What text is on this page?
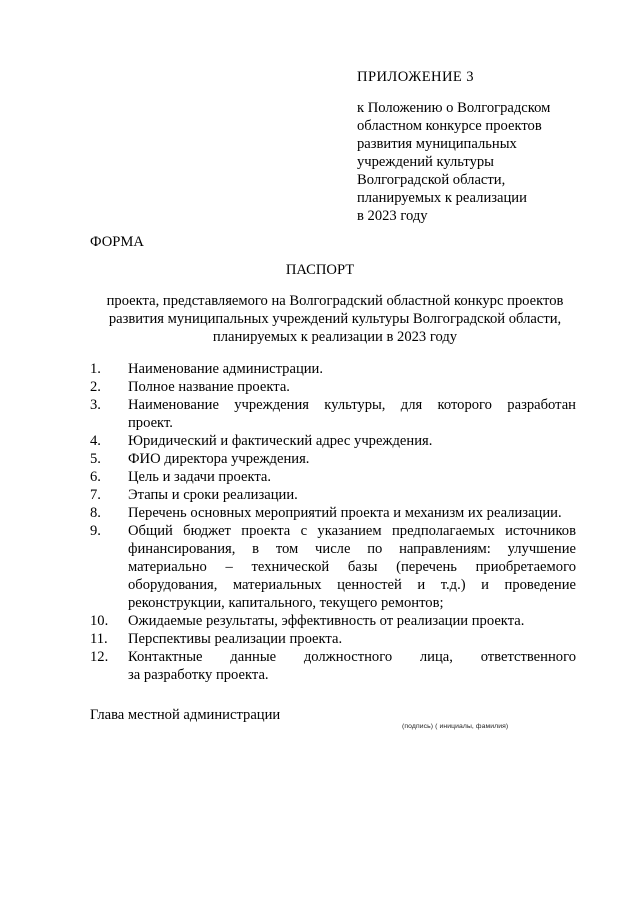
ПРИЛОЖЕНИЕ 3
к Положению о Волгоградском
областном конкурсе проектов
развития муниципальных
учреждений культуры
Волгоградской области,
планируемых к реализации
в 2023 году
ФОРМА
ПАСПОРТ
проекта, представляемого на Волгоградский областной конкурс проектов
развития муниципальных учреждений культуры Волгоградской области,
планируемых к реализации в 2023 году
1. Наименование администрации.
2. Полное название проекта.
3. Наименование учреждения культуры, для которого разработан
проект.
4. Юридический и фактический адрес учреждения.
5. ФИО директора учреждения.
6. Цель и задачи проекта.
7. Этапы и сроки реализации.
8. Перечень основных мероприятий проекта и механизм их реализации.
9. Общий бюджет проекта с указанием предполагаемых источников
финансирования, в том числе по направлениям: улучшение
материально – технической базы (перечень приобретаемого
оборудования, материальных ценностей и т.д.) и проведение
реконструкции, капитального, текущего ремонтов;
10. Ожидаемые результаты, эффективность от реализации проекта.
11. Перспективы реализации проекта.
12. Контактные данные должностного лица, ответственного
за разработку проекта.
Глава местной администрации
(подпись) ( инициалы, фамилия)
